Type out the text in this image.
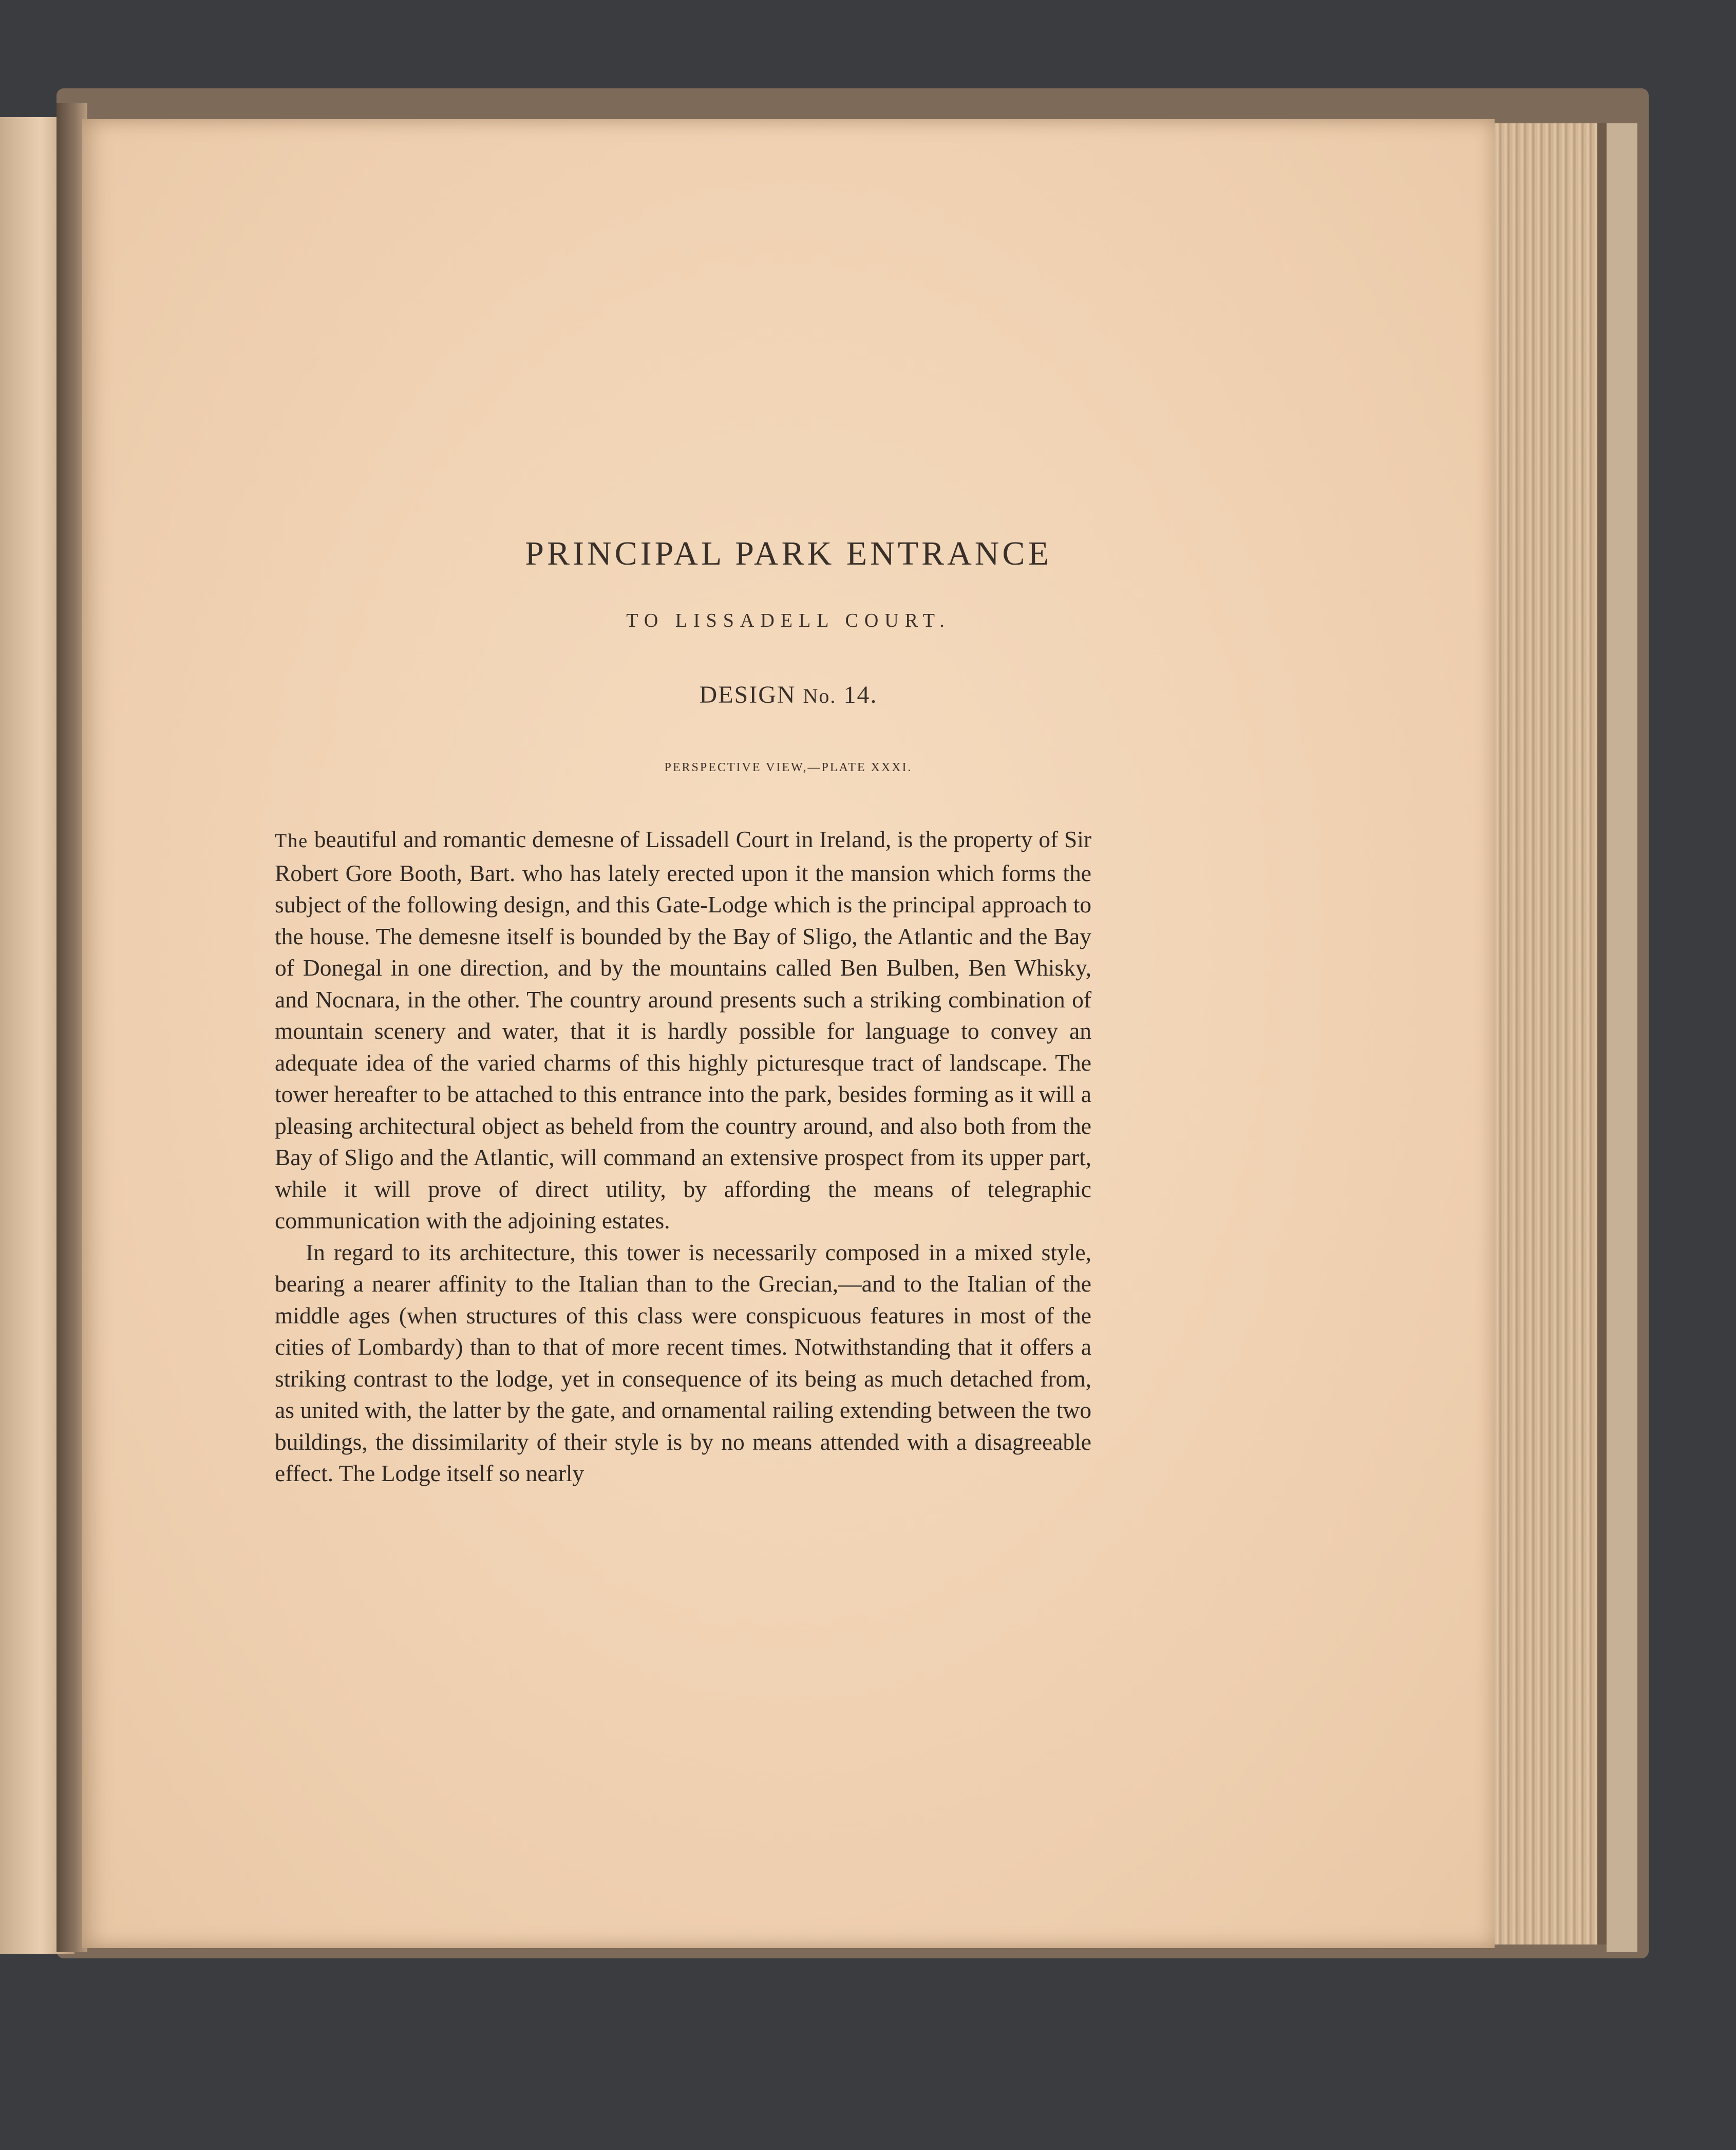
PRINCIPAL PARK ENTRANCE
TO LISSADELL COURT.
DESIGN No. 14.
PERSPECTIVE VIEW,—PLATE XXXI.

The beautiful and romantic demesne of Lissadell Court in Ireland, is the property of Sir Robert Gore Booth, Bart. who has lately erected upon it the mansion which forms the subject of the following design, and this Gate-Lodge which is the principal approach to the house. The demesne itself is bounded by the Bay of Sligo, the Atlantic and the Bay of Donegal in one direction, and by the mountains called Ben Bulben, Ben Whisky, and Nocnara, in the other. The country around presents such a striking combination of mountain scenery and water, that it is hardly possible for language to convey an adequate idea of the varied charms of this highly picturesque tract of landscape. The tower hereafter to be attached to this entrance into the park, besides forming as it will a pleasing architectural object as beheld from the country around, and also both from the Bay of Sligo and the Atlantic, will command an extensive prospect from its upper part, while it will prove of direct utility, by affording the means of telegraphic communication with the adjoining estates.

In regard to its architecture, this tower is necessarily composed in a mixed style, bearing a nearer affinity to the Italian than to the Grecian,—and to the Italian of the middle ages (when structures of this class were conspicuous features in most of the cities of Lombardy) than to that of more recent times. Notwithstanding that it offers a striking contrast to the lodge, yet in consequence of its being as much detached from, as united with, the latter by the gate, and ornamental railing extending between the two buildings, the dissimilarity of their style is by no means attended with a disagreeable effect. The Lodge itself so nearly
